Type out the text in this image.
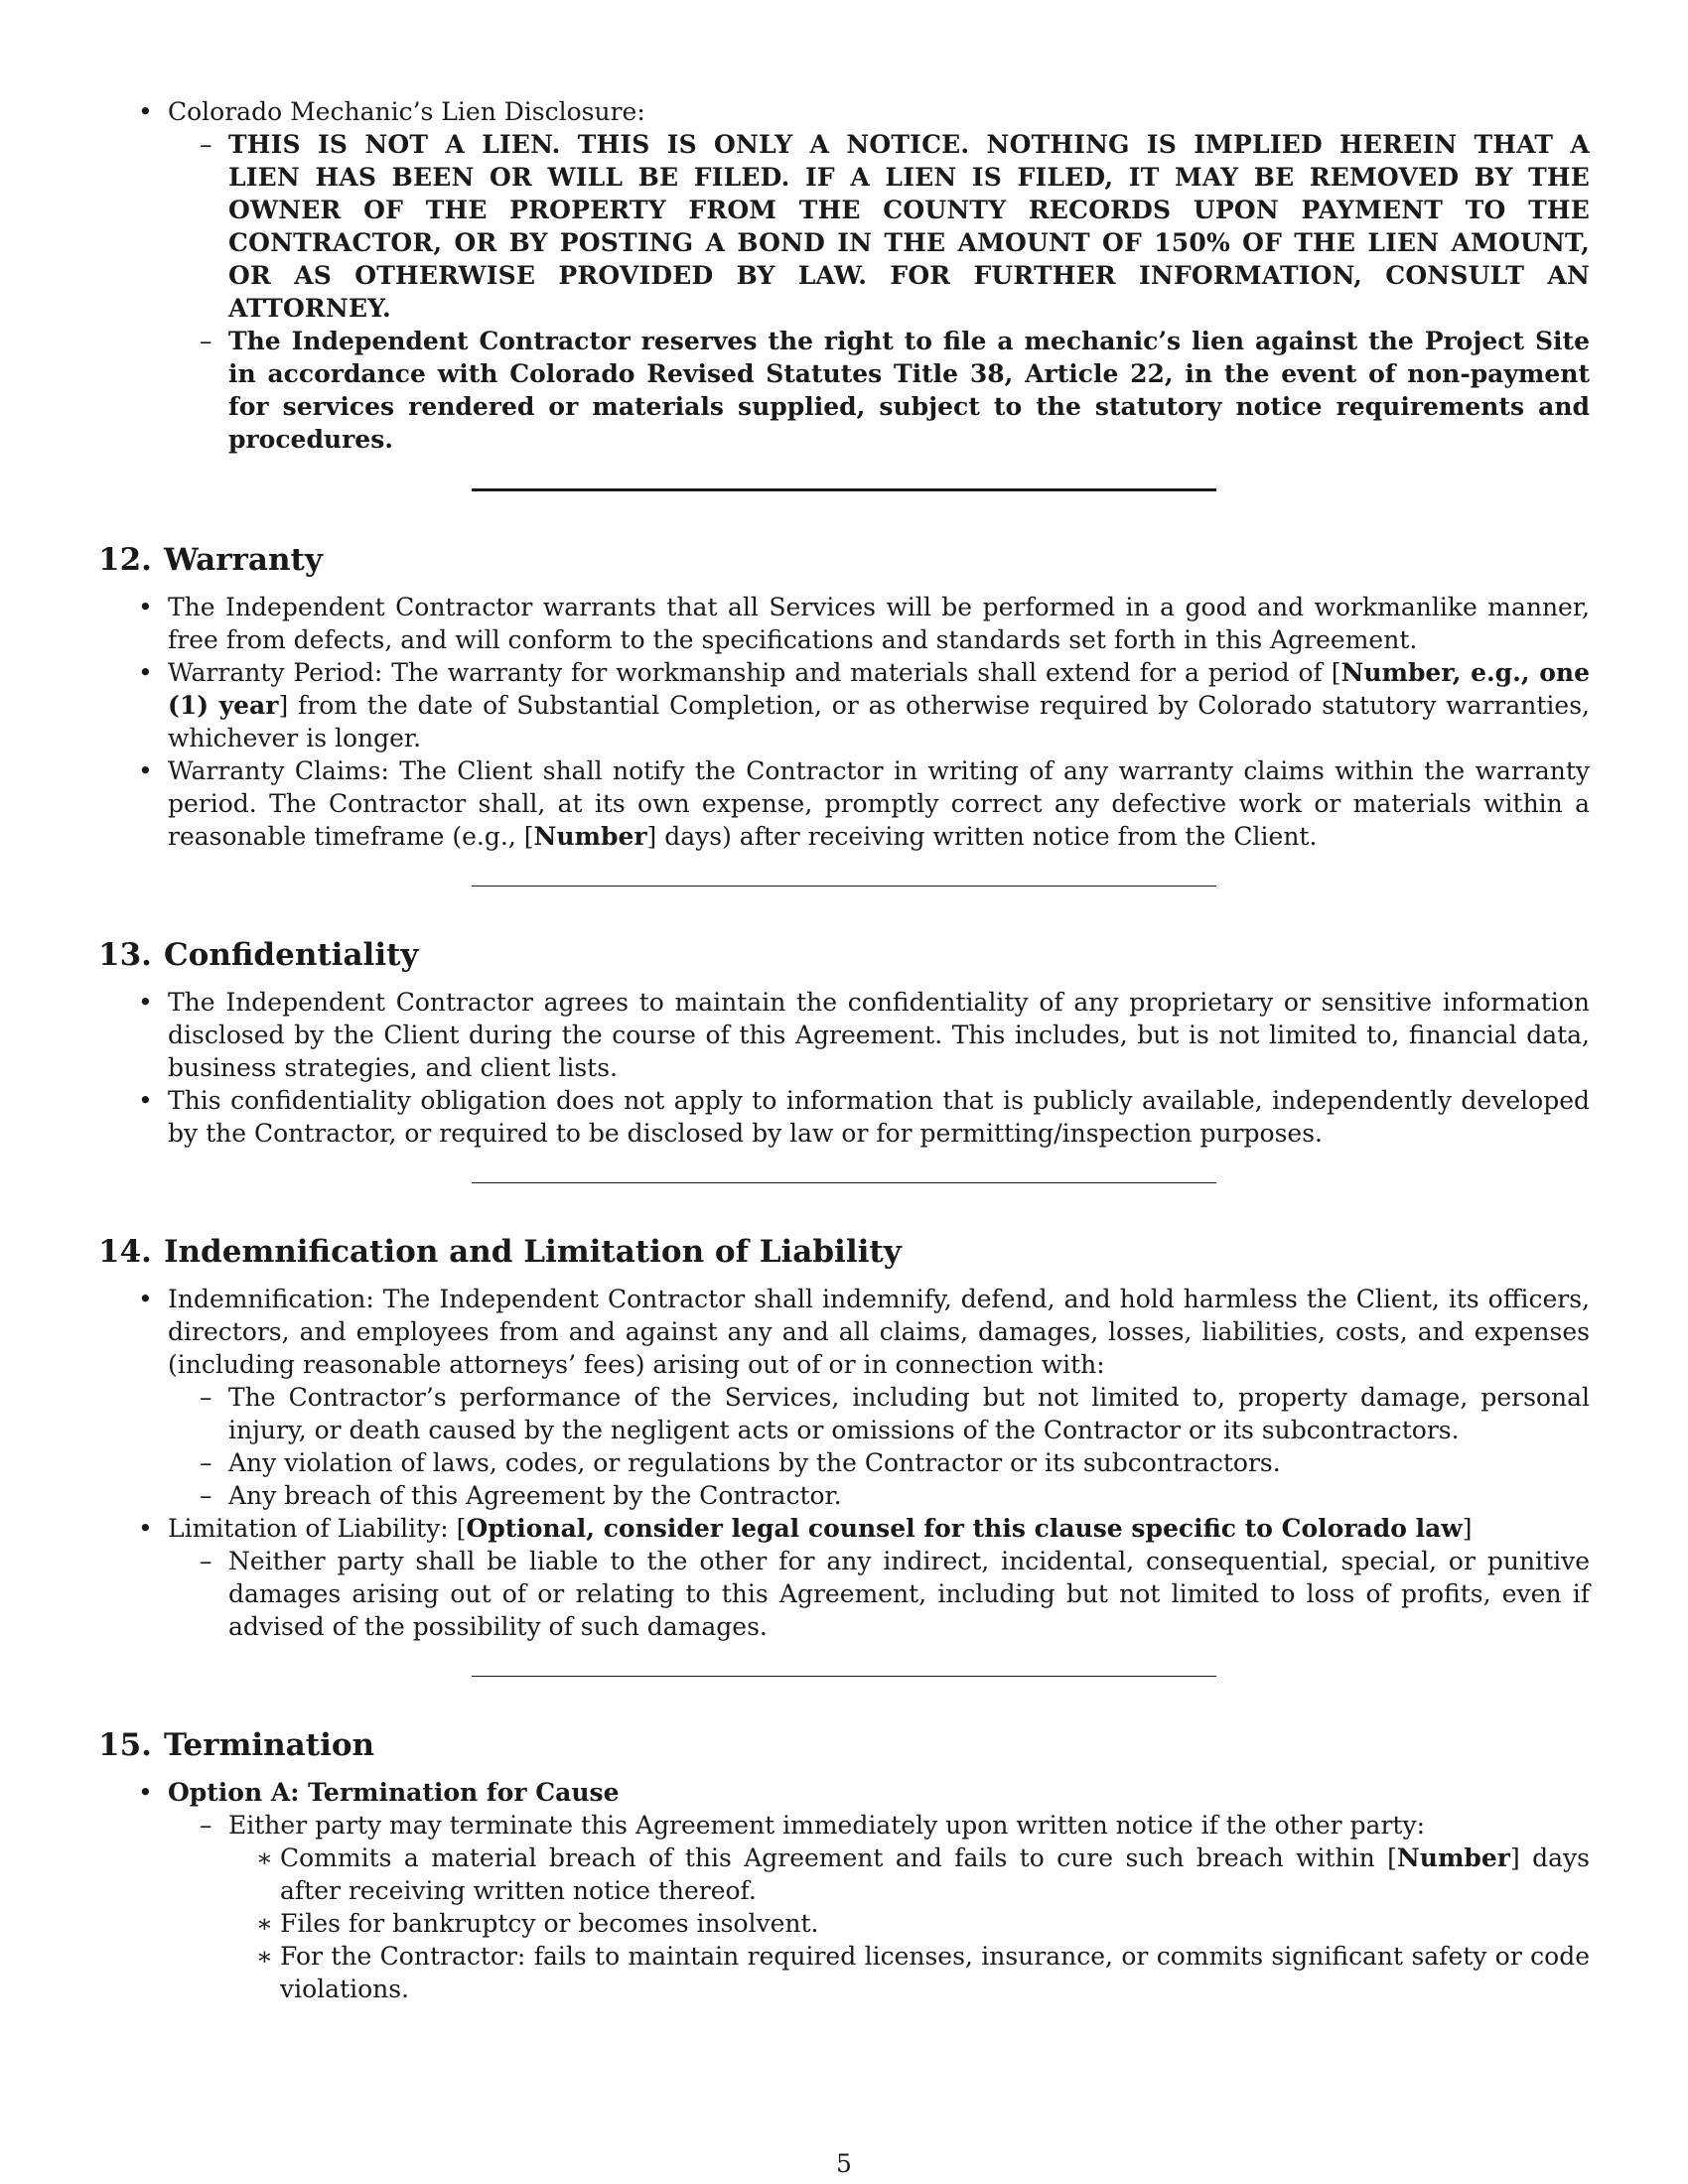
• Colorado Mechanic’s Lien Disclosure:
– THIS IS NOT A LIEN. THIS IS ONLY A NOTICE. NOTHING IS IMPLIED HEREIN THAT A LIEN HAS BEEN OR WILL BE FILED. IF A LIEN IS FILED, IT MAY BE REMOVED BY THE OWNER OF THE PROPERTY FROM THE COUNTY RECORDS UPON PAYMENT TO THE CONTRACTOR, OR BY POSTING A BOND IN THE AMOUNT OF 150% OF THE LIEN AMOUNT, OR AS OTHERWISE PROVIDED BY LAW. FOR FURTHER INFORMATION, CONSULT AN ATTORNEY.
– The Independent Contractor reserves the right to file a mechanic’s lien against the Project Site in accordance with Colorado Revised Statutes Title 38, Article 22, in the event of non-payment for services rendered or materials supplied, subject to the statutory notice requirements and procedures.
12. Warranty
• The Independent Contractor warrants that all Services will be performed in a good and workmanlike manner, free from defects, and will conform to the specifications and standards set forth in this Agreement.
• Warranty Period: The warranty for workmanship and materials shall extend for a period of [Number, e.g., one (1) year] from the date of Substantial Completion, or as otherwise required by Colorado statutory warranties, whichever is longer.
• Warranty Claims: The Client shall notify the Contractor in writing of any warranty claims within the warranty period. The Contractor shall, at its own expense, promptly correct any defective work or materials within a reasonable timeframe (e.g., [Number] days) after receiving written notice from the Client.
13. Confidentiality
• The Independent Contractor agrees to maintain the confidentiality of any proprietary or sensitive information disclosed by the Client during the course of this Agreement. This includes, but is not limited to, financial data, business strategies, and client lists.
• This confidentiality obligation does not apply to information that is publicly available, independently developed by the Contractor, or required to be disclosed by law or for permitting/inspection purposes.
14. Indemnification and Limitation of Liability
• Indemnification: The Independent Contractor shall indemnify, defend, and hold harmless the Client, its officers, directors, and employees from and against any and all claims, damages, losses, liabilities, costs, and expenses (including reasonable attorneys’ fees) arising out of or in connection with:
– The Contractor’s performance of the Services, including but not limited to, property damage, personal injury, or death caused by the negligent acts or omissions of the Contractor or its subcontractors.
– Any violation of laws, codes, or regulations by the Contractor or its subcontractors.
– Any breach of this Agreement by the Contractor.
• Limitation of Liability: [Optional, consider legal counsel for this clause specific to Colorado law]
– Neither party shall be liable to the other for any indirect, incidental, consequential, special, or punitive damages arising out of or relating to this Agreement, including but not limited to loss of profits, even if advised of the possibility of such damages.
15. Termination
• Option A: Termination for Cause
– Either party may terminate this Agreement immediately upon written notice if the other party:
∗ Commits a material breach of this Agreement and fails to cure such breach within [Number] days after receiving written notice thereof.
∗ Files for bankruptcy or becomes insolvent.
∗ For the Contractor: fails to maintain required licenses, insurance, or commits significant safety or code violations.
5
